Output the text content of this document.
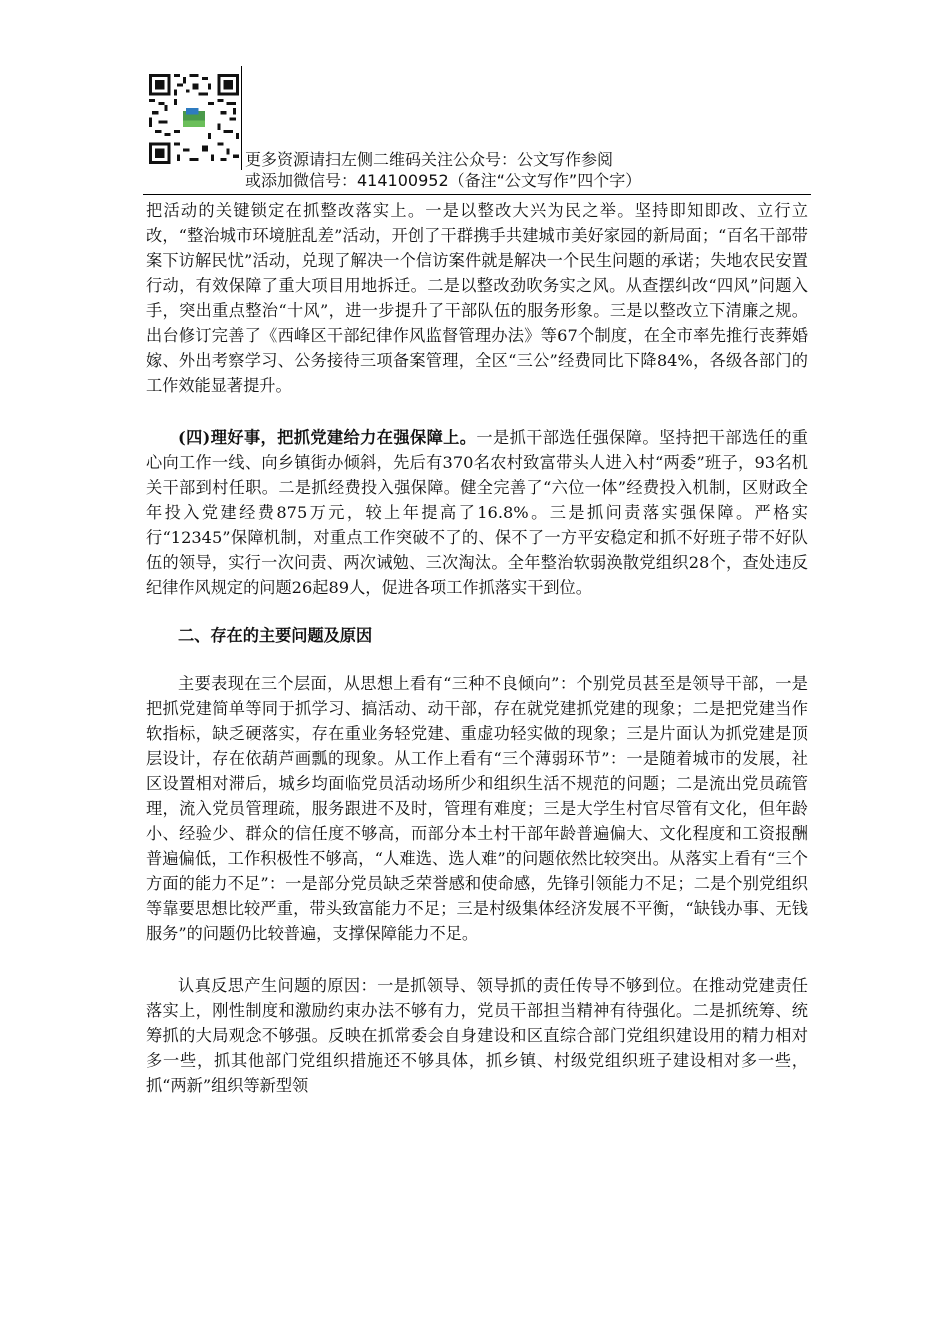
更多资源请扫左侧二维码关注公众号：公文写作参阅
或添加微信号：414100952（备注“公文写作”四个字）

把活动的关键锁定在抓整改落实上。一是以整改大兴为民之举。坚持即知即改、立行立改，“整治城市环境脏乱差”活动，开创了干群携手共建城市美好家园的新局面；“百名干部带案下访解民忧”活动，兑现了解决一个信访案件就是解决一个民生问题的承诺；失地农民安置行动，有效保障了重大项目用地拆迁。二是以整改劲吹务实之风。从查摆纠改“四风”问题入手，突出重点整治“十风”，进一步提升了干部队伍的服务形象。三是以整改立下清廉之规。出台修订完善了《西峰区干部纪律作风监督管理办法》等67个制度，在全市率先推行丧葬婚嫁、外出考察学习、公务接待三项备案管理，全区“三公”经费同比下降84%，各级各部门的工作效能显著提升。

(四)理好事，把抓党建给力在强保障上。一是抓干部选任强保障。坚持把干部选任的重心向工作一线、向乡镇街办倾斜，先后有370名农村致富带头人进入村“两委”班子，93名机关干部到村任职。二是抓经费投入强保障。健全完善了“六位一体”经费投入机制，区财政全年投入党建经费875万元，较上年提高了16.8%。三是抓问责落实强保障。严格实行“12345”保障机制，对重点工作突破不了的、保不了一方平安稳定和抓不好班子带不好队伍的领导，实行一次问责、两次诫勉、三次淘汰。全年整治软弱涣散党组织28个，查处违反纪律作风规定的问题26起89人，促进各项工作抓落实干到位。

二、存在的主要问题及原因

主要表现在三个层面，从思想上看有“三种不良倾向”：个别党员甚至是领导干部，一是把抓党建简单等同于抓学习、搞活动、动干部，存在就党建抓党建的现象；二是把党建当作软指标，缺乏硬落实，存在重业务轻党建、重虚功轻实做的现象；三是片面认为抓党建是顶层设计，存在依葫芦画瓢的现象。从工作上看有“三个薄弱环节”：一是随着城市的发展，社区设置相对滞后，城乡均面临党员活动场所少和组织生活不规范的问题；二是流出党员疏管理，流入党员管理疏，服务跟进不及时，管理有难度；三是大学生村官尽管有文化，但年龄小、经验少、群众的信任度不够高，而部分本土村干部年龄普遍偏大、文化程度和工资报酬普遍偏低，工作积极性不够高，“人难选、选人难”的问题依然比较突出。从落实上看有“三个方面的能力不足”：一是部分党员缺乏荣誉感和使命感，先锋引领能力不足；二是个别党组织等靠要思想比较严重，带头致富能力不足；三是村级集体经济发展不平衡，“缺钱办事、无钱服务”的问题仍比较普遍，支撑保障能力不足。

认真反思产生问题的原因：一是抓领导、领导抓的责任传导不够到位。在推动党建责任落实上，刚性制度和激励约束办法不够有力，党员干部担当精神有待强化。二是抓统筹、统筹抓的大局观念不够强。反映在抓常委会自身建设和区直综合部门党组织建设用的精力相对多一些，抓其他部门党组织措施还不够具体，抓乡镇、村级党组织班子建设相对多一些，抓“两新”组织等新型领
